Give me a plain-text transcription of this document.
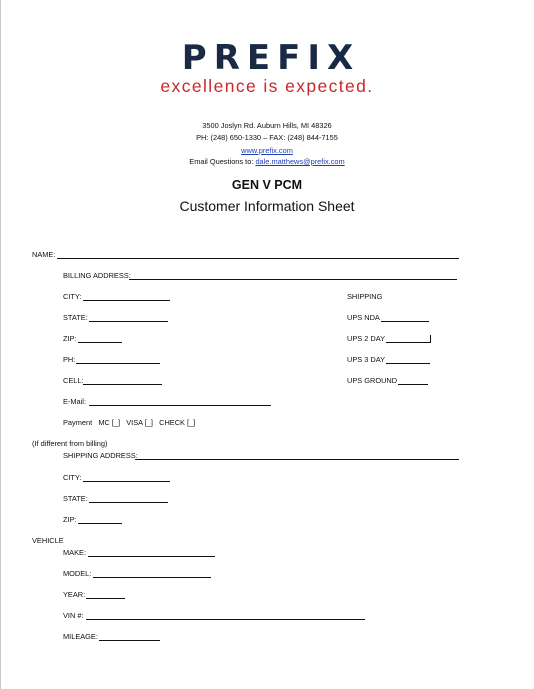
PREFIX
excellence is expected.
3500 Joslyn Rd. Auburn Hills, MI 48326
PH: (248) 650-1330 – FAX: (248) 844-7155
www.prefix.com
Email Questions to: dale.matthews@prefix.com
GEN V PCM
Customer Information Sheet
NAME:
BILLING ADDRESS:
CITY:	SHIPPING
STATE:	UPS NDA
ZIP:	UPS 2 DAY
PH:	UPS 3 DAY
CELL:	UPS GROUND
E-Mail:
Payment   MC [_]   VISA [_]   CHECK [_]
(If different from billing)
SHIPPING ADDRESS:
CITY:
STATE:
ZIP:
VEHICLE
MAKE:
MODEL:
YEAR:
VIN #:
MILEAGE:
